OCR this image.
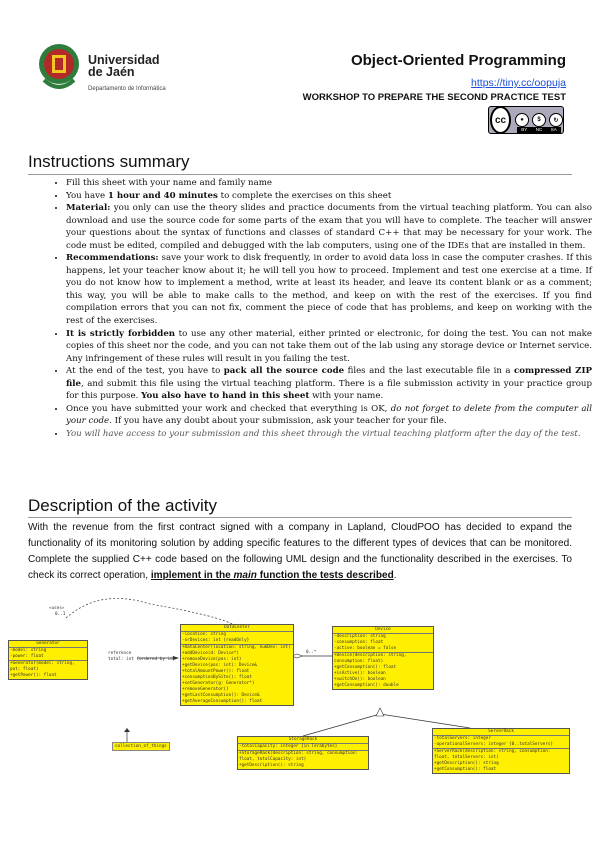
Universidad
de Jaén
Departamento de Informática
Object-Oriented Programming
https://tiny.cc/oopuja
WORKSHOP TO PREPARE THE SECOND PRACTICE TEST
cc	●	$	↻
BY NC SA
Instructions summary
• Fill this sheet with your name and family name
• You have 1 hour and 40 minutes to complete the exercises on this sheet
• Material: you only can use the theory slides and practice documents from the virtual teaching platform. You can also download and use the source code for some parts of the exam that you will have to complete. The teacher will answer your questions about the syntax of functions and classes of standard C++ that may be necessary for your work. The code must be edited, compiled and debugged with the lab computers, using one of the IDEs that are installed in them.
• Recommendations: save your work to disk frequently, in order to avoid data loss in case the computer crashes. If this happens, let your teacher know about it; he will tell you how to proceed. Implement and test one exercise at a time. If you do not know how to implement a method, write at least its header, and leave its content blank or as a comment; this way, you will be able to make calls to the method, and keep on with the rest of the exercises. If you find compilation errors that you can not fix, comment the piece of code that has problems, and keep on working with the rest of the exercises.
• It is strictly forbidden to use any other material, either printed or electronic, for doing the test. You can not make copies of this sheet nor the code, and you can not take them out of the lab using any storage device or Internet service. Any infringement of these rules will result in you failing the test.
• At the end of the test, you have to pack all the source code files and the last executable file in a compressed ZIP file, and submit this file using the virtual teaching platform. There is a file submission activity in your practice group for this purpose. You also have to hand in this sheet with your name.
• Once you have submitted your work and checked that everything is OK, do not forget to delete from the computer all your code. If you have any doubt about your submission, ask your teacher for your file.
• You will have access to your submission and this sheet through the virtual teaching platform after the day of the test.
Description of the activity
With the revenue from the first contract signed with a company in Lapland, CloudPOO has decided to expand the functionality of its monitoring solution by adding specific features to the different types of devices that can be monitored. Complete the supplied C++ code based on the following UML design and the functionality described in the exercises. To check its correct operation, implement in the main function the tests described.
«uses»
0..1
Generator
-model: string
-power: float
+Generator(model: string, pot: float)
+getPower(): float
reference
total: int {ordered by id}
DataCenter
-location: string
-nrDevices: int {readOnly}
+DataCenter(location: string, numDev: int)
+addDevice(d: Device*)
+removeDevice(pos: int)
+getDevice(pos: int): Device&
+totalAmountPower(): float
+consumptionBySite(): float
+setGenerator(g: Generator*)
+removeGenerator()
+getLastConsumption(): Device&
+getAverageConsumption(): float
0..*
Device
-description: string
-consumption: float
-active: boolean = false
+Device(description: string, consumption: float)
+getConsumption(): float
+isActive(): boolean
+switchOn(): boolean
+getConsumption(): double
collection_of_things
StorageRack
-totalCapacity: integer {in Terabytes}
+StorageRack(description: string, consumption: float, totalCapacity: int)
+getDescription(): string
ServerRack
-totalServers: integer
-operationalServers: integer {0..totalServers}
+ServerRack(description: string, consumption: float, totalServers: int)
+getDescription(): string
+getConsumption(): float
